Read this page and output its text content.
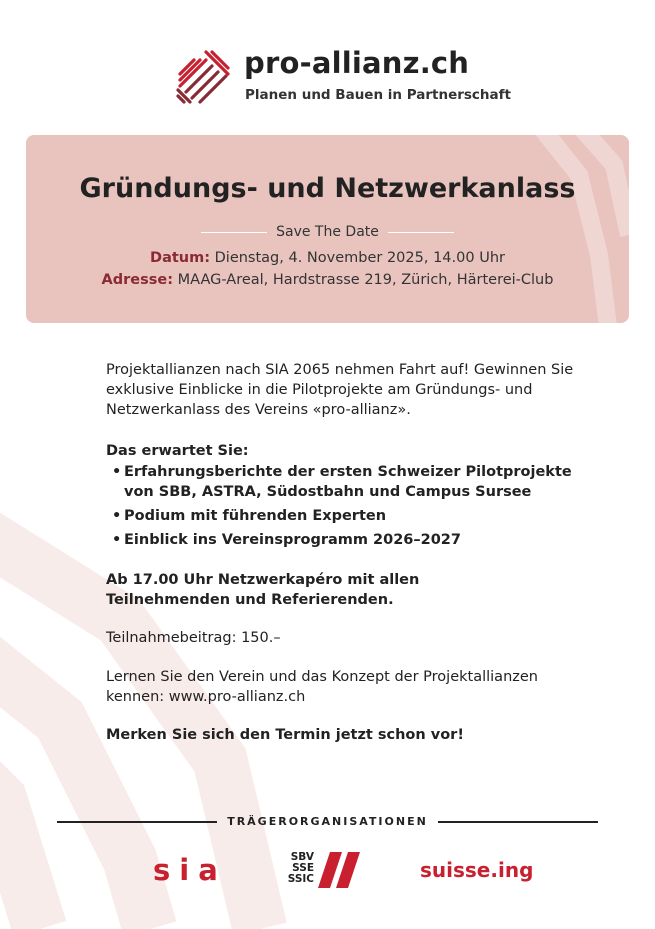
pro-allianz.ch
Planen und Bauen in Partnerschaft
Gründungs- und Netzwerkanlass
Save The Date
Datum: Dienstag, 4. November 2025, 14.00 Uhr
Adresse: MAAG-Areal, Hardstrasse 219, Zürich, Härterei-Club

Projektallianzen nach SIA 2065 nehmen Fahrt auf! Gewinnen Sie exklusive Einblicke in die Pilotprojekte am Gründungs- und Netzwerkanlass des Vereins «pro-allianz».

Das erwartet Sie:

• Erfahrungsberichte der ersten Schweizer Pilotprojekte von SBB, ASTRA, Südostbahn und Campus Sursee
• Podium mit führenden Experten
• Einblick ins Vereinsprogramm 2026–2027

Ab 17.00 Uhr Netzwerkapéro mit allen Teilnehmenden und Referierenden.

Teilnahmebeitrag: 150.–

Lernen Sie den Verein und das Konzept der Projektallianzen kennen: www.pro-allianz.ch

Merken Sie sich den Termin jetzt schon vor!

TRÄGERORGANISATIONEN
sia	SBV
SSE
SSIC	suisse.ing
